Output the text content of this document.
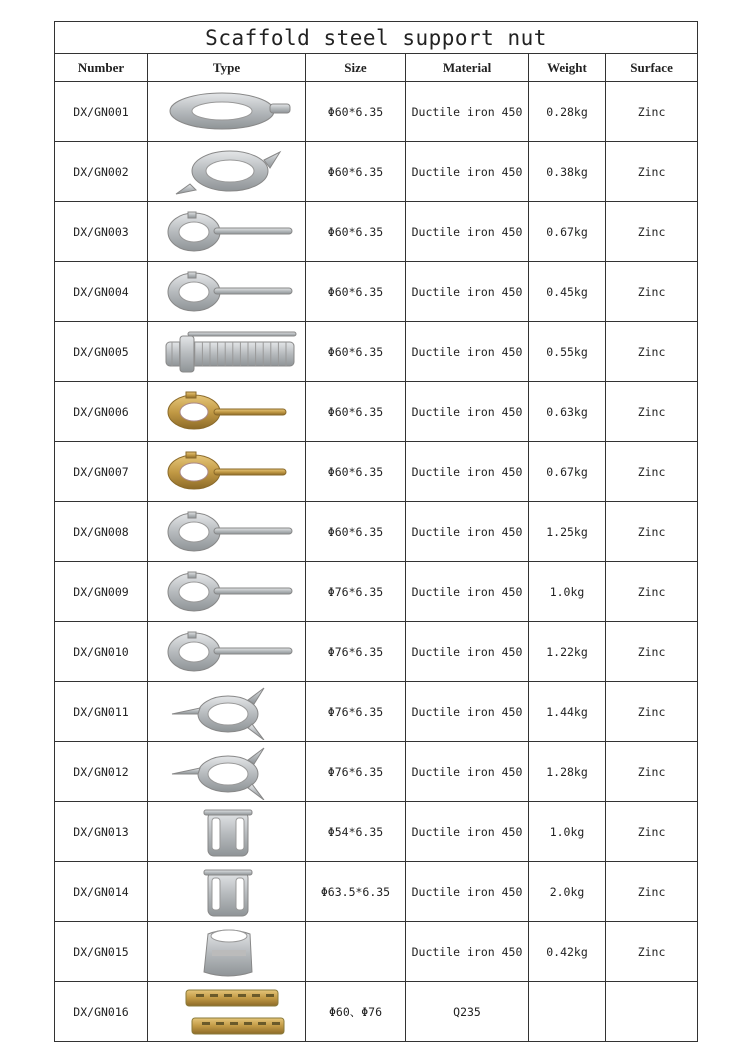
Scaffold steel support nut					
Number	Type	Size	Material	Weight	Surface
DX/GN001		Φ60*6.35	Ductile iron 450	0.28kg	Zinc
DX/GN002		Φ60*6.35	Ductile iron 450	0.38kg	Zinc
DX/GN003		Φ60*6.35	Ductile iron 450	0.67kg	Zinc
DX/GN004		Φ60*6.35	Ductile iron 450	0.45kg	Zinc
DX/GN005		Φ60*6.35	Ductile iron 450	0.55kg	Zinc
DX/GN006		Φ60*6.35	Ductile iron 450	0.63kg	Zinc
DX/GN007		Φ60*6.35	Ductile iron 450	0.67kg	Zinc
DX/GN008		Φ60*6.35	Ductile iron 450	1.25kg	Zinc
DX/GN009		Φ76*6.35	Ductile iron 450	1.0kg	Zinc
DX/GN010		Φ76*6.35	Ductile iron 450	1.22kg	Zinc
DX/GN011		Φ76*6.35	Ductile iron 450	1.44kg	Zinc
DX/GN012		Φ76*6.35	Ductile iron 450	1.28kg	Zinc
DX/GN013		Φ54*6.35	Ductile iron 450	1.0kg	Zinc
DX/GN014		Φ63.5*6.35	Ductile iron 450	2.0kg	Zinc
DX/GN015			Ductile iron 450	0.42kg	Zinc
DX/GN016		Φ60、Φ76	Q235		
